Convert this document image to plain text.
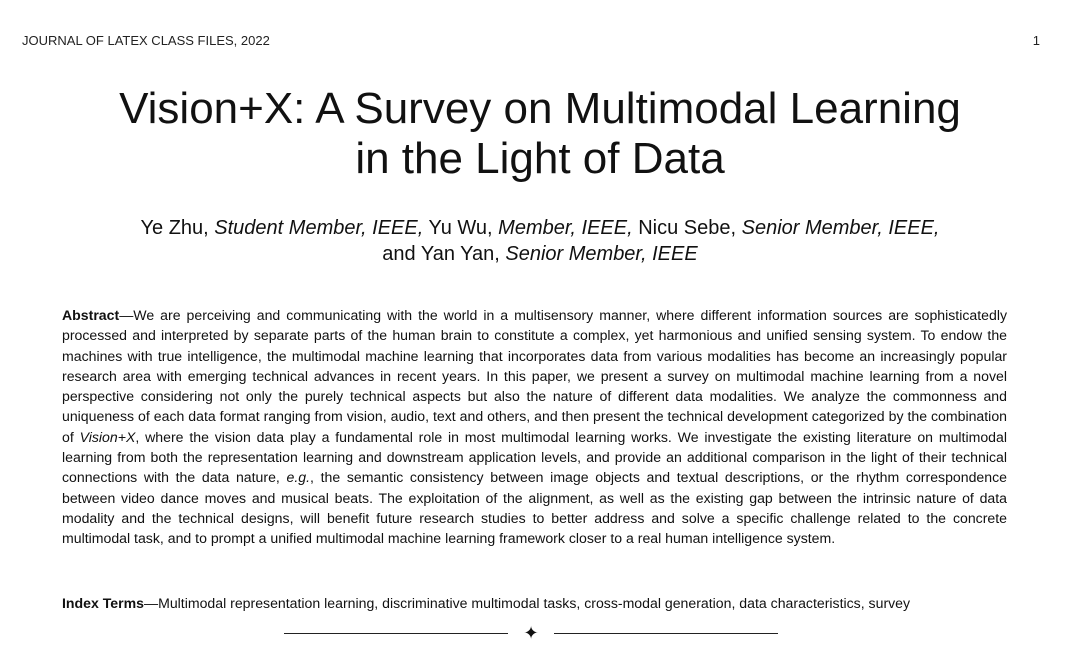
JOURNAL OF LATEX CLASS FILES, 2022	1
Vision+X: A Survey on Multimodal Learning
in the Light of Data
Ye Zhu, Student Member, IEEE, Yu Wu, Member, IEEE, Nicu Sebe, Senior Member, IEEE,
and Yan Yan, Senior Member, IEEE
Abstract—We are perceiving and communicating with the world in a multisensory manner, where different information sources are sophisticatedly processed and interpreted by separate parts of the human brain to constitute a complex, yet harmonious and unified sensing system. To endow the machines with true intelligence, the multimodal machine learning that incorporates data from various modalities has become an increasingly popular research area with emerging technical advances in recent years. In this paper, we present a survey on multimodal machine learning from a novel perspective considering not only the purely technical aspects but also the nature of different data modalities. We analyze the commonness and uniqueness of each data format ranging from vision, audio, text and others, and then present the technical development categorized by the combination of Vision+X, where the vision data play a fundamental role in most multimodal learning works. We investigate the existing literature on multimodal learning from both the representation learning and downstream application levels, and provide an additional comparison in the light of their technical connections with the data nature, e.g., the semantic consistency between image objects and textual descriptions, or the rhythm correspondence between video dance moves and musical beats. The exploitation of the alignment, as well as the existing gap between the intrinsic nature of data modality and the technical designs, will benefit future research studies to better address and solve a specific challenge related to the concrete multimodal task, and to prompt a unified multimodal machine learning framework closer to a real human intelligence system.
Index Terms—Multimodal representation learning, discriminative multimodal tasks, cross-modal generation, data characteristics, survey
✦
